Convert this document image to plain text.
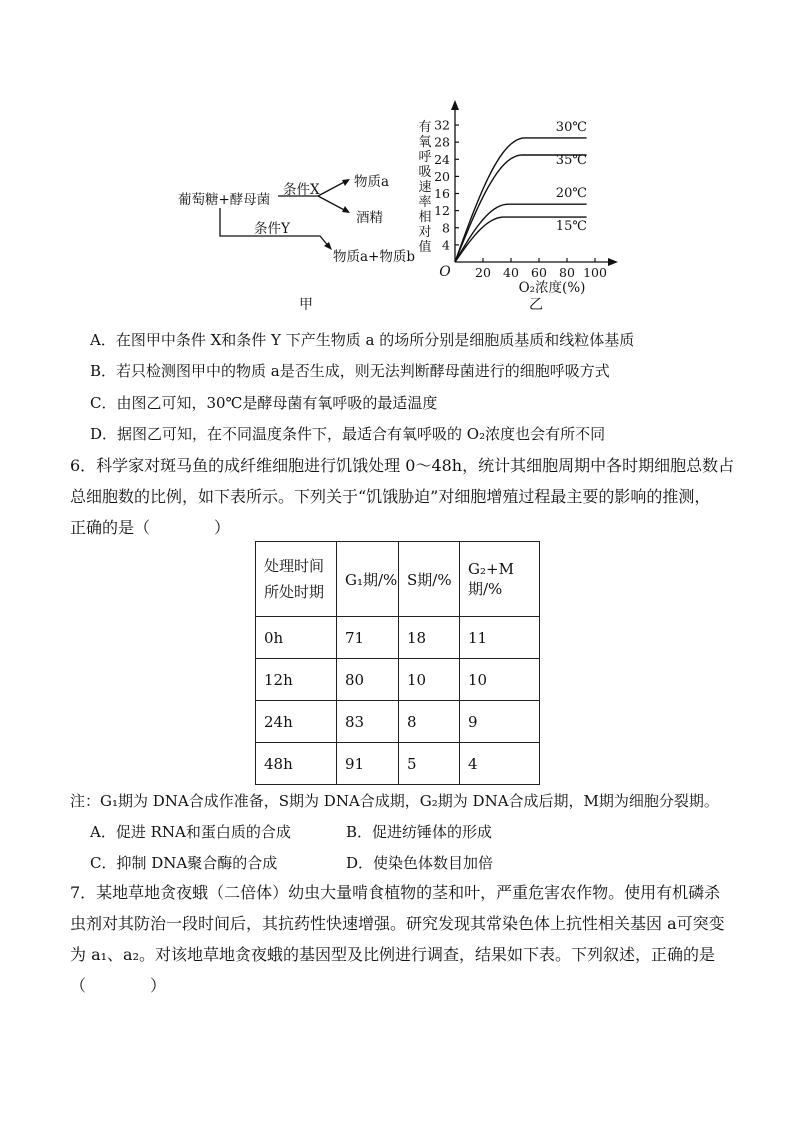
4
8
12
16
20
24
28
32
20 40 60 80 100
30℃
35℃
20℃
15℃
O
O₂浓度(%)
葡萄糖+酵母菌
条件X	物质a
酒精
条件Y
物质a+物质b
甲
有氧呼吸速率相对值
乙
A．在图甲中条件 X和条件 Y 下产生物质 a 的场所分别是细胞质基质和线粒体基质
B．若只检测图甲中的物质 a是否生成，则无法判断酵母菌进行的细胞呼吸方式
C．由图乙可知，30℃是酵母菌有氧呼吸的最适温度
D．据图乙可知，在不同温度条件下，最适合有氧呼吸的 O₂浓度也会有所不同
6．科学家对斑马鱼的成纤维细胞进行饥饿处理 0～48h，统计其细胞周期中各时期细胞总数占
总细胞数的比例，如下表所示。下列关于“饥饿胁迫”对细胞增殖过程最主要的影响的推测，
正确的是（　　　　）
处理时间
所处时期	G₁期/%	S期/%	G₂+M期/%
0h	71	18	11
12h	80	10	10
24h	83	8	9
48h	91	5	4
注：G₁期为 DNA合成作准备，S期为 DNA合成期，G₂期为 DNA合成后期，M期为细胞分裂期。
A．促进 RNA和蛋白质的合成	B．促进纺锤体的形成
C．抑制 DNA聚合酶的合成	D．使染色体数目加倍
7．某地草地贪夜蛾（二倍体）幼虫大量啃食植物的茎和叶，严重危害农作物。使用有机磷杀
虫剂对其防治一段时间后，其抗药性快速增强。研究发现其常染色体上抗性相关基因 a可突变
为 a₁、a₂。对该地草地贪夜蛾的基因型及比例进行调查，结果如下表。下列叙述，正确的是
（　　　　）
